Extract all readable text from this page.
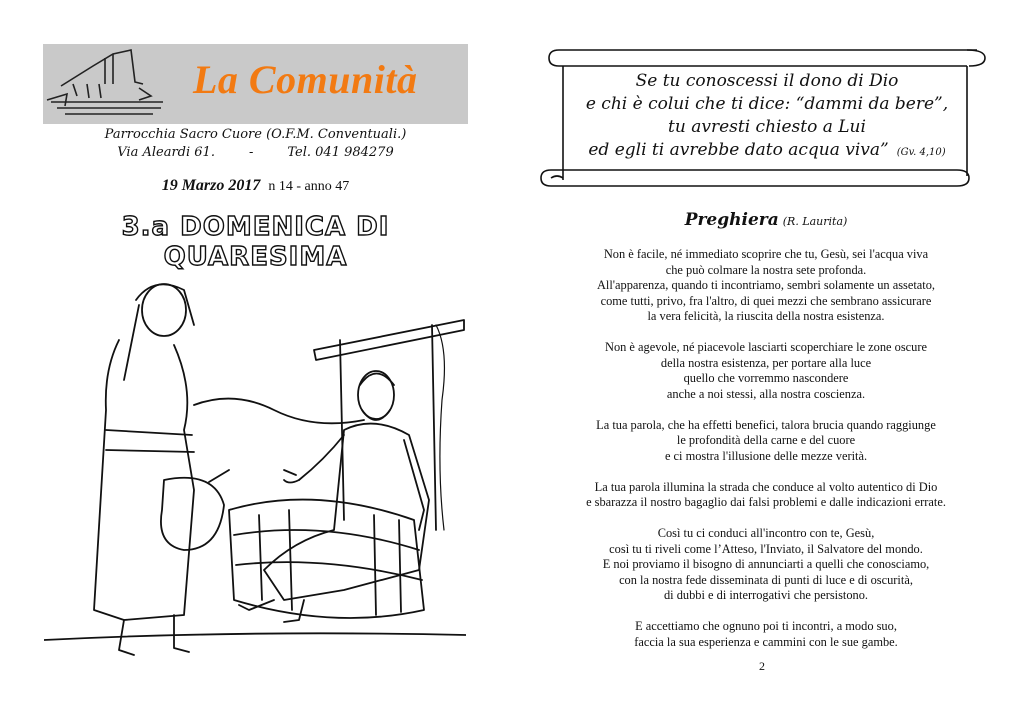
La Comunità
Parrocchia Sacro Cuore (O.F.M. Conventuali.)
Via Aleardi 61.	-	Tel. 041 984279
19 Marzo 2017 n 14 - anno 47
3.a DOMENICA DI QUARESIMA
Se tu conoscessi il dono di Dio
e chi è colui che ti dice: “dammi da bere”,
tu avresti chiesto a Lui
ed egli ti avrebbe dato acqua viva” (Gv. 4,10)
Preghiera (R. Laurita)

Non è facile, né immediato scoprire che tu, Gesù, sei l'acqua viva
che può colmare la nostra sete profonda.
All'apparenza, quando ti incontriamo, sembri solamente un assetato,
come tutti, privo, fra l'altro, di quei mezzi che sembrano assicurare
la vera felicità, la riuscita della nostra esistenza.

Non è agevole, né piacevole lasciarti scoperchiare le zone oscure
della nostra esistenza, per portare alla luce
quello che vorremmo nascondere
anche a noi stessi, alla nostra coscienza.

La tua parola, che ha effetti benefici, talora brucia quando raggiunge
le profondità della carne e del cuore
e ci mostra l'illusione delle mezze verità.

La tua parola illumina la strada che conduce al volto autentico di Dio
e sbarazza il nostro bagaglio dai falsi problemi e dalle indicazioni errate.

Così tu ci conduci all'incontro con te, Gesù,
così tu ti riveli come l’Atteso, l'Inviato, il Salvatore del mondo.
E noi proviamo il bisogno di annunciarti a quelli che conosciamo,
con la nostra fede disseminata di punti di luce e di oscurità,
di dubbi e di interrogativi che persistono.

E accettiamo che ognuno poi ti incontri, a modo suo,
faccia la sua esperienza e cammini con le sue gambe.

2
